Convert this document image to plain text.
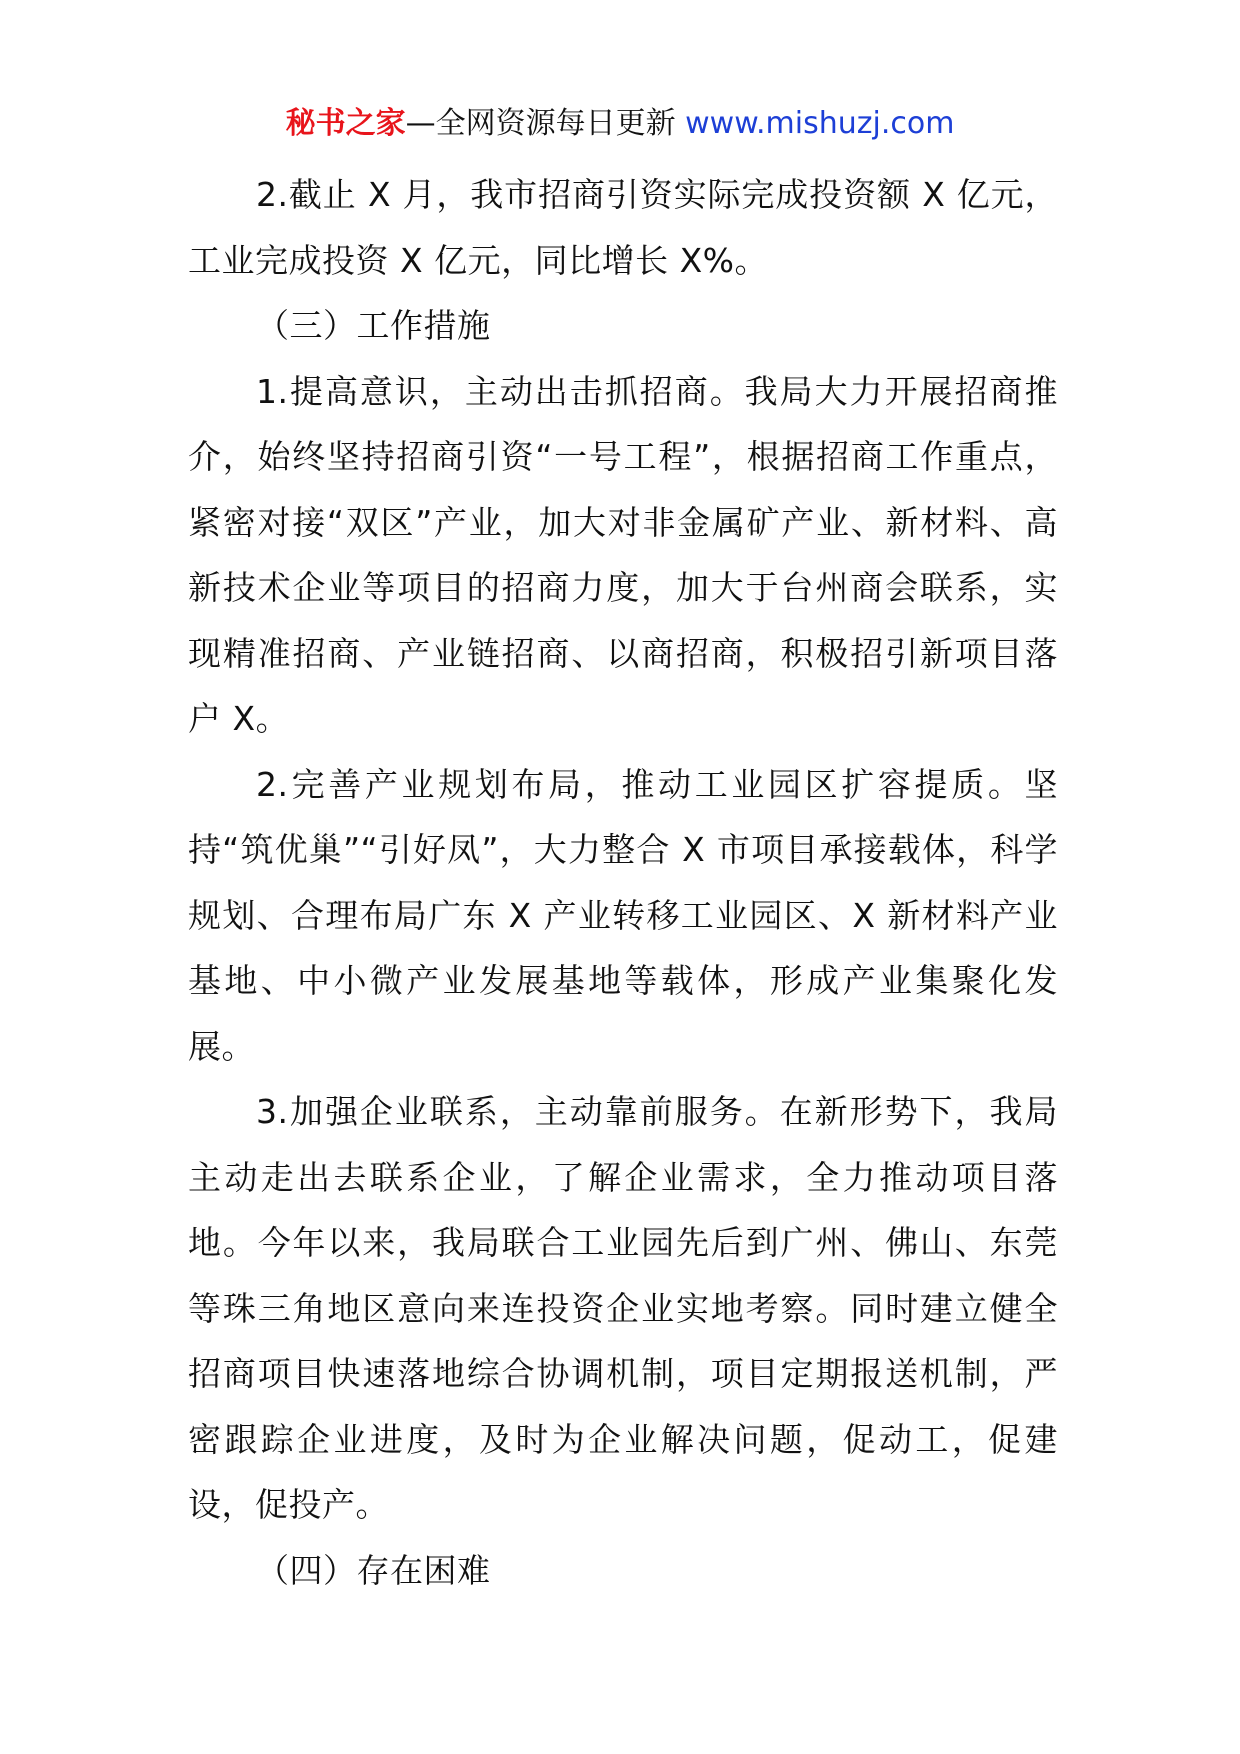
秘书之家—全网资源每日更新 www.mishuzj.com

2.截止 X 月，我市招商引资实际完成投资额 X 亿元，工业完成投资 X 亿元，同比增长 X%。

（三）工作措施

1.提高意识，主动出击抓招商。我局大力开展招商推介，始终坚持招商引资“一号工程”，根据招商工作重点，紧密对接“双区”产业，加大对非金属矿产业、新材料、高新技术企业等项目的招商力度，加大于台州商会联系，实现精准招商、产业链招商、以商招商，积极招引新项目落户 X。

2.完善产业规划布局，推动工业园区扩容提质。坚持“筑优巢”“引好凤”，大力整合 X 市项目承接载体，科学规划、合理布局广东 X 产业转移工业园区、X 新材料产业基地、中小微产业发展基地等载体，形成产业集聚化发展。

3.加强企业联系，主动靠前服务。在新形势下，我局主动走出去联系企业，了解企业需求，全力推动项目落地。今年以来，我局联合工业园先后到广州、佛山、东莞等珠三角地区意向来连投资企业实地考察。同时建立健全招商项目快速落地综合协调机制，项目定期报送机制，严密跟踪企业进度，及时为企业解决问题，促动工，促建设，促投产。

（四）存在困难
